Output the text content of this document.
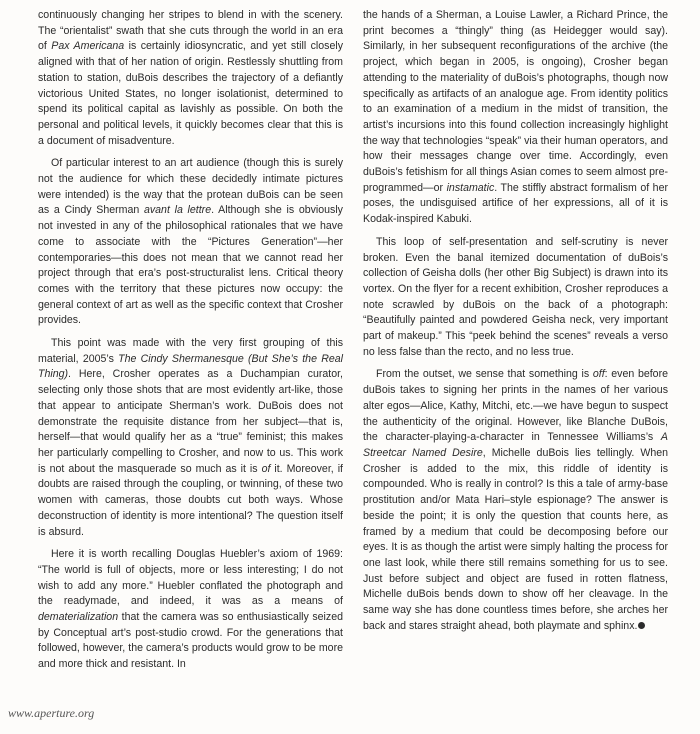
continuously changing her stripes to blend in with the scenery. The “orientalist” swath that she cuts through the world in an era of Pax Americana is certainly idiosyncratic, and yet still closely aligned with that of her nation of origin. Restlessly shuttling from station to station, duBois describes the trajectory of a defiantly victorious United States, no longer isolationist, determined to spend its political capital as lavishly as possible. On both the personal and political levels, it quickly becomes clear that this is a document of misadventure.

Of particular interest to an art audience (though this is surely not the audience for which these decidedly intimate pictures were intended) is the way that the protean duBois can be seen as a Cindy Sherman avant la lettre. Although she is obviously not invested in any of the philosophical rationales that we have come to associate with the “Pictures Generation”—her contemporaries—this does not mean that we cannot read her project through that era’s post-structuralist lens. Critical theory comes with the territory that these pictures now occupy: the general context of art as well as the specific context that Crosher provides.

This point was made with the very first grouping of this material, 2005’s The Cindy Shermanesque (But She’s the Real Thing). Here, Crosher operates as a Duchampian curator, selecting only those shots that are most evidently art-like, those that appear to anticipate Sherman’s work. DuBois does not demonstrate the requisite distance from her subject—that is, herself—that would qualify her as a “true” feminist; this makes her particularly compelling to Crosher, and now to us. This work is not about the masquerade so much as it is of it. Moreover, if doubts are raised through the coupling, or twinning, of these two women with cameras, those doubts cut both ways. Whose deconstruction of identity is more intentional? The question itself is absurd.

Here it is worth recalling Douglas Huebler’s axiom of 1969: “The world is full of objects, more or less interesting; I do not wish to add any more.” Huebler conflated the photograph and the readymade, and indeed, it was as a means of dematerialization that the camera was so enthusiastically seized by Conceptual art’s post-studio crowd. For the generations that followed, however, the camera’s products would grow to be more and more thick and resistant. In

the hands of a Sherman, a Louise Lawler, a Richard Prince, the print becomes a “thingly” thing (as Heidegger would say). Similarly, in her subsequent reconfigurations of the archive (the project, which began in 2005, is ongoing), Crosher began attending to the materiality of duBois’s photographs, though now specifically as artifacts of an analogue age. From identity politics to an examination of a medium in the midst of transition, the artist’s incursions into this found collection increasingly highlight the way that technologies “speak” via their human operators, and how their messages change over time. Accordingly, even duBois’s fetishism for all things Asian comes to seem almost pre-programmed—or instamatic. The stiffly abstract formalism of her poses, the undisguised artifice of her expressions, all of it is Kodak-inspired Kabuki.

This loop of self-presentation and self-scrutiny is never broken. Even the banal itemized documentation of duBois’s collection of Geisha dolls (her other Big Subject) is drawn into its vortex. On the flyer for a recent exhibition, Crosher reproduces a note scrawled by duBois on the back of a photograph: “Beautifully painted and powdered Geisha neck, very important part of makeup.” This “peek behind the scenes” reveals a verso no less false than the recto, and no less true.

From the outset, we sense that something is off: even before duBois takes to signing her prints in the names of her various alter egos—Alice, Kathy, Mitchi, etc.—we have begun to suspect the authenticity of the original. However, like Blanche DuBois, the character-playing-a-character in Tennessee Williams’s A Streetcar Named Desire, Michelle duBois lies tellingly. When Crosher is added to the mix, this riddle of identity is compounded. Who is really in control? Is this a tale of army-base prostitution and/or Mata Hari–style espionage? The answer is beside the point; it is only the question that counts here, as framed by a medium that could be decomposing before our eyes. It is as though the artist were simply halting the process for one last look, while there still remains something for us to see. Just before subject and object are fused in rotten flatness, Michelle duBois bends down to show off her cleavage. In the same way she has done countless times before, she arches her back and stares straight ahead, both playmate and sphinx.

www.aperture.org
